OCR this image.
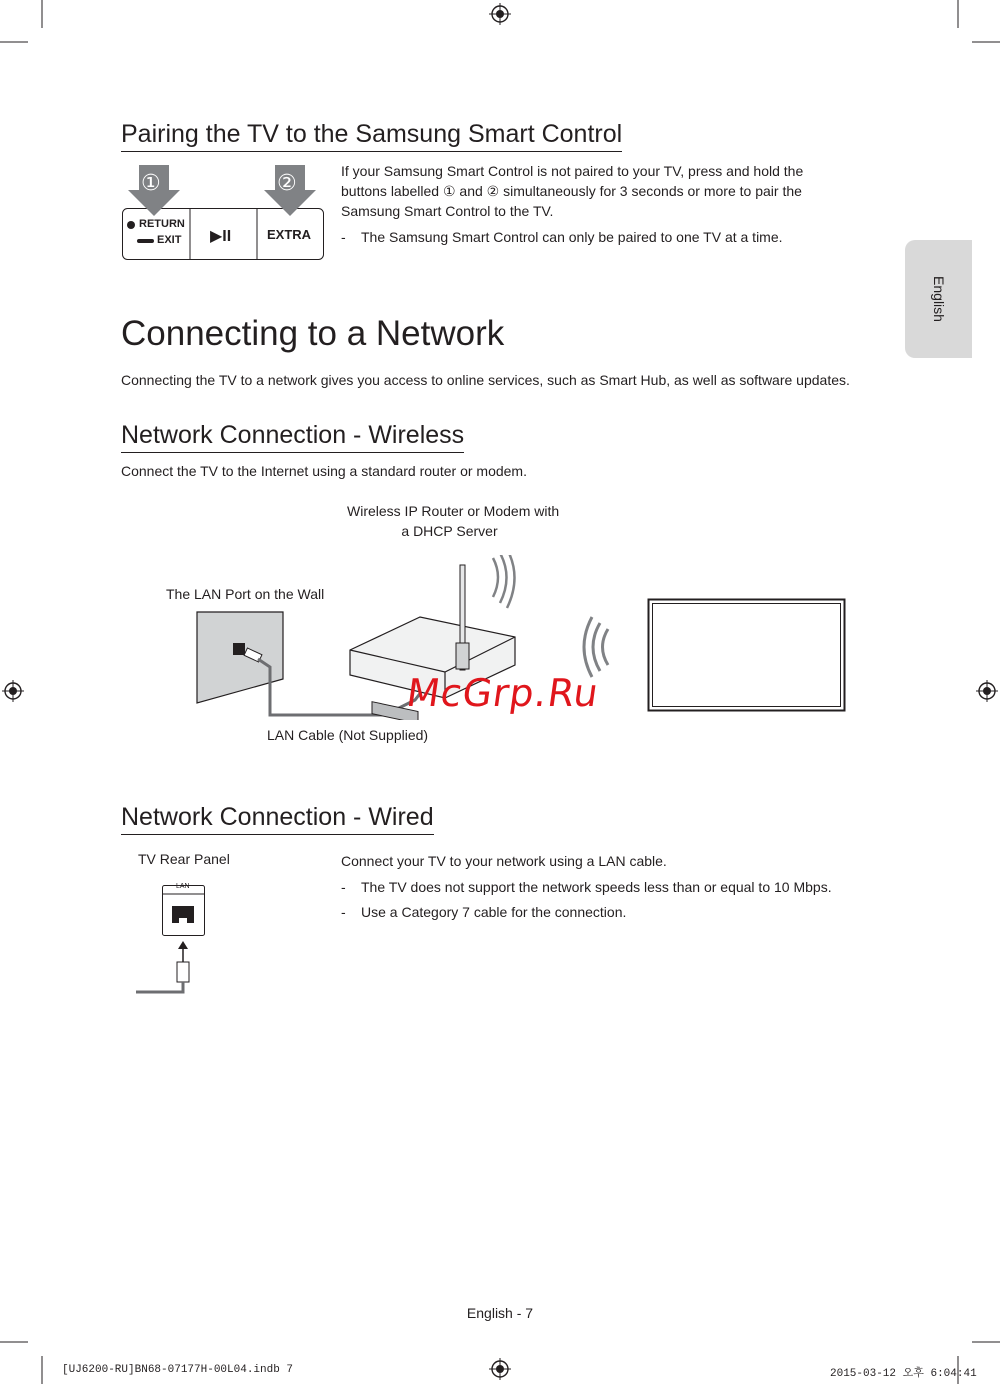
English
Pairing the TV to the Samsung Smart Control
①	②
RETURN
EXIT ▶II	EXTRA
If your Samsung Smart Control is not paired to your TV, press and hold the buttons labelled ① and ② simultaneously for 3 seconds or more to pair the Samsung Smart Control to the TV.
- The Samsung Smart Control can only be paired to one TV at a time.
Connecting to a Network
Connecting the TV to a network gives you access to online services, such as Smart Hub, as well as software updates.
Network Connection - Wireless
Connect the TV to the Internet using a standard router or modem.
Wireless IP Router or Modem with
a DHCP Server
The LAN Port on the Wall
LAN Cable (Not Supplied)
McGrp.Ru
Network Connection - Wired
TV Rear Panel
LAN
Connect your TV to your network using a LAN cable.
- The TV does not support the network speeds less than or equal to 10 Mbps.
- Use a Category 7 cable for the connection.
English - 7
[UJ6200-RU]BN68-07177H-00L04.indb 7	2015-03-12 오후 6:04:41
